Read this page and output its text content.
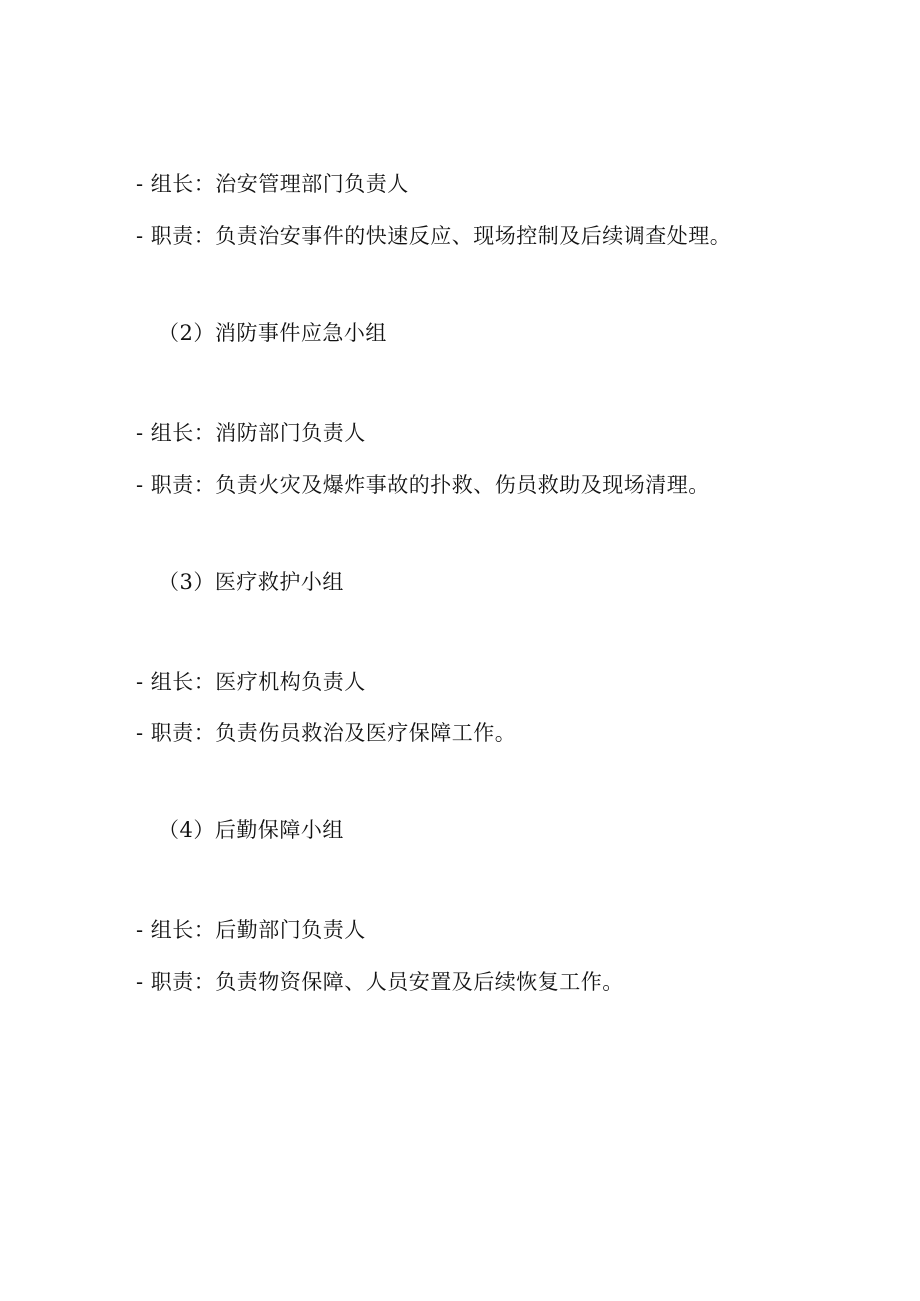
- 组长：治安管理部门负责人
- 职责：负责治安事件的快速反应、现场控制及后续调查处理。
（2）消防事件应急小组
- 组长：消防部门负责人
- 职责：负责火灾及爆炸事故的扑救、伤员救助及现场清理。
（3）医疗救护小组
- 组长：医疗机构负责人
- 职责：负责伤员救治及医疗保障工作。
（4）后勤保障小组
- 组长：后勤部门负责人
- 职责：负责物资保障、人员安置及后续恢复工作。
